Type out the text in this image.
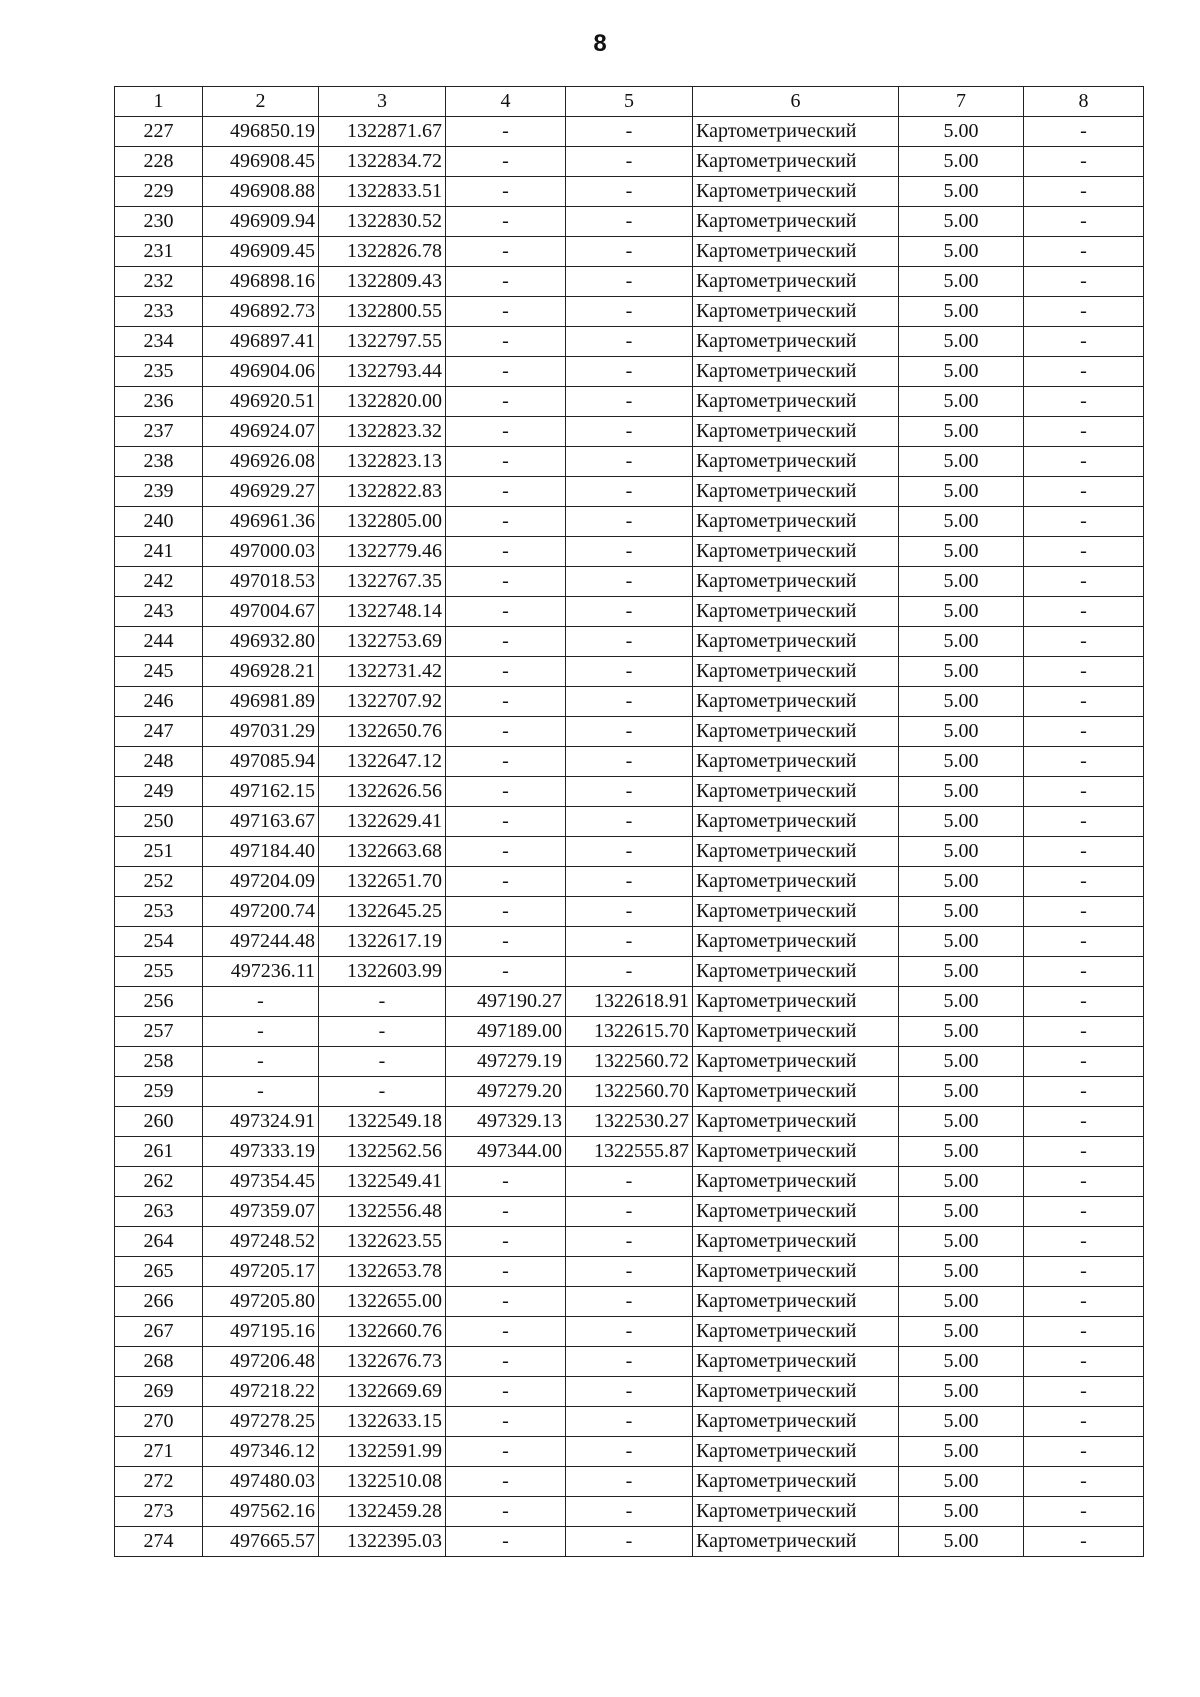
8
1	2	3	4	5	6	7	8
227	496850.19	1322871.67	-	-	Картометрический	5.00	-
228	496908.45	1322834.72	-	-	Картометрический	5.00	-
229	496908.88	1322833.51	-	-	Картометрический	5.00	-
230	496909.94	1322830.52	-	-	Картометрический	5.00	-
231	496909.45	1322826.78	-	-	Картометрический	5.00	-
232	496898.16	1322809.43	-	-	Картометрический	5.00	-
233	496892.73	1322800.55	-	-	Картометрический	5.00	-
234	496897.41	1322797.55	-	-	Картометрический	5.00	-
235	496904.06	1322793.44	-	-	Картометрический	5.00	-
236	496920.51	1322820.00	-	-	Картометрический	5.00	-
237	496924.07	1322823.32	-	-	Картометрический	5.00	-
238	496926.08	1322823.13	-	-	Картометрический	5.00	-
239	496929.27	1322822.83	-	-	Картометрический	5.00	-
240	496961.36	1322805.00	-	-	Картометрический	5.00	-
241	497000.03	1322779.46	-	-	Картометрический	5.00	-
242	497018.53	1322767.35	-	-	Картометрический	5.00	-
243	497004.67	1322748.14	-	-	Картометрический	5.00	-
244	496932.80	1322753.69	-	-	Картометрический	5.00	-
245	496928.21	1322731.42	-	-	Картометрический	5.00	-
246	496981.89	1322707.92	-	-	Картометрический	5.00	-
247	497031.29	1322650.76	-	-	Картометрический	5.00	-
248	497085.94	1322647.12	-	-	Картометрический	5.00	-
249	497162.15	1322626.56	-	-	Картометрический	5.00	-
250	497163.67	1322629.41	-	-	Картометрический	5.00	-
251	497184.40	1322663.68	-	-	Картометрический	5.00	-
252	497204.09	1322651.70	-	-	Картометрический	5.00	-
253	497200.74	1322645.25	-	-	Картометрический	5.00	-
254	497244.48	1322617.19	-	-	Картометрический	5.00	-
255	497236.11	1322603.99	-	-	Картометрический	5.00	-
256	-	-	497190.27	1322618.91	Картометрический	5.00	-
257	-	-	497189.00	1322615.70	Картометрический	5.00	-
258	-	-	497279.19	1322560.72	Картометрический	5.00	-
259	-	-	497279.20	1322560.70	Картометрический	5.00	-
260	497324.91	1322549.18	497329.13	1322530.27	Картометрический	5.00	-
261	497333.19	1322562.56	497344.00	1322555.87	Картометрический	5.00	-
262	497354.45	1322549.41	-	-	Картометрический	5.00	-
263	497359.07	1322556.48	-	-	Картометрический	5.00	-
264	497248.52	1322623.55	-	-	Картометрический	5.00	-
265	497205.17	1322653.78	-	-	Картометрический	5.00	-
266	497205.80	1322655.00	-	-	Картометрический	5.00	-
267	497195.16	1322660.76	-	-	Картометрический	5.00	-
268	497206.48	1322676.73	-	-	Картометрический	5.00	-
269	497218.22	1322669.69	-	-	Картометрический	5.00	-
270	497278.25	1322633.15	-	-	Картометрический	5.00	-
271	497346.12	1322591.99	-	-	Картометрический	5.00	-
272	497480.03	1322510.08	-	-	Картометрический	5.00	-
273	497562.16	1322459.28	-	-	Картометрический	5.00	-
274	497665.57	1322395.03	-	-	Картометрический	5.00	-
